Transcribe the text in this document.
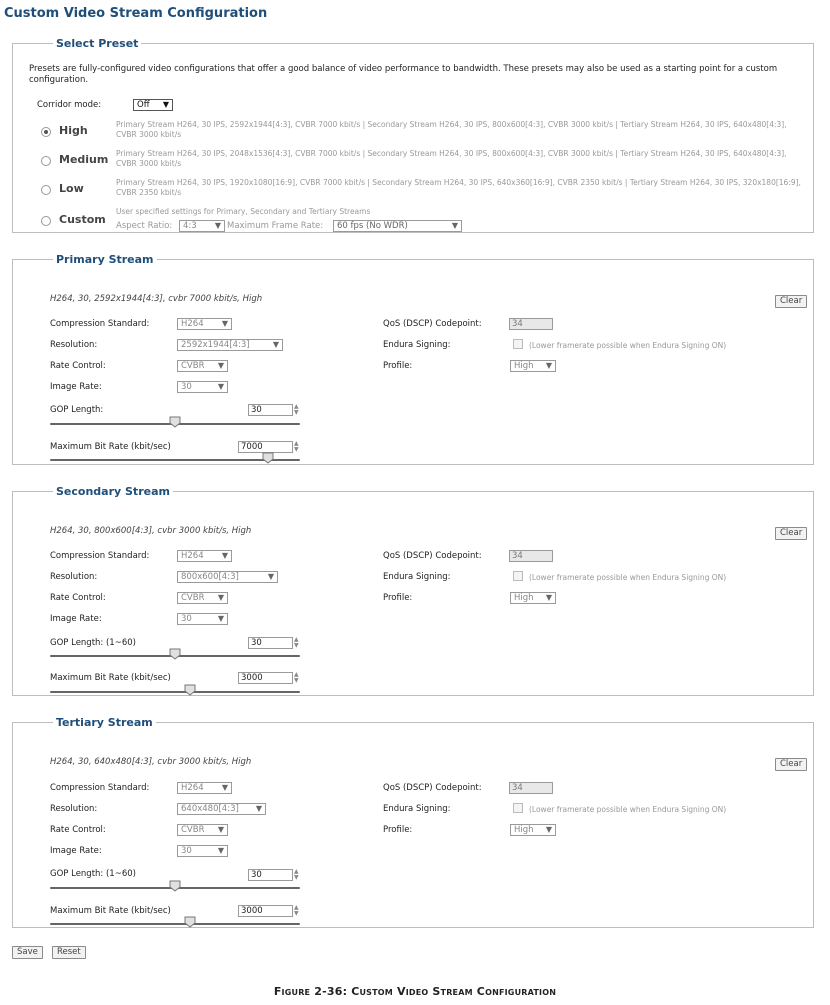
Custom Video Stream Configuration
Select Preset
Presets are fully-configured video configurations that offer a good balance of video performance to bandwidth. These presets may also be used as a starting point for a custom configuration.
Corridor mode:	Off ▼
High	Primary Stream H264, 30 IPS, 2592x1944[4:3], CVBR 7000 kbit/s | Secondary Stream H264, 30 IPS, 800x600[4:3], CVBR 3000 kbit/s | Tertiary Stream H264, 30 IPS, 640x480[4:3], CVBR 3000 kbit/s
Medium Primary Stream H264, 30 IPS, 2048x1536[4:3], CVBR 7000 kbit/s | Secondary Stream H264, 30 IPS, 800x600[4:3], CVBR 3000 kbit/s | Tertiary Stream H264, 30 IPS, 640x480[4:3], CVBR 3000 kbit/s
Low	Primary Stream H264, 30 IPS, 1920x1080[16:9], CVBR 7000 kbit/s | Secondary Stream H264, 30 IPS, 640x360[16:9], CVBR 2350 kbit/s | Tertiary Stream H264, 30 IPS, 320x180[16:9], CVBR 2350 kbit/s
Custom
User specified settings for Primary, Secondary and Tertiary Streams
Aspect Ratio:	4:3 ▼ Maximum Frame Rate:	60 fps (No WDR)	▼
Primary Stream
H264, 30, 2592x1944[4:3], cvbr 7000 kbit/s, High	Clear
Compression Standard:	H264 ▼
Resolution:	2592x1944[4:3]	▼
Rate Control:	CVBR ▼
Image Rate:	30	▼
QoS (DSCP) Codepoint:	34
Endura Signing:	(Lower framerate possible when Endura Signing ON)
Profile:	High ▼
GOP Length:	30	▲
▼
Maximum Bit Rate (kbit/sec)	7000	▲
▼
Secondary Stream
H264, 30, 800x600[4:3], cvbr 3000 kbit/s, High	Clear
Compression Standard:	H264 ▼
Resolution:	800x600[4:3]	▼
Rate Control:	CVBR ▼
Image Rate:	30	▼
QoS (DSCP) Codepoint:	34
Endura Signing:	(Lower framerate possible when Endura Signing ON)
Profile:	High ▼
GOP Length: (1~60)	30	▲
▼
Maximum Bit Rate (kbit/sec)	3000	▲
▼
Tertiary Stream
H264, 30, 640x480[4:3], cvbr 3000 kbit/s, High	Clear
Compression Standard:	H264 ▼
Resolution:	640x480[4:3] ▼
Rate Control:	CVBR ▼
Image Rate:	30	▼
QoS (DSCP) Codepoint:	34
Endura Signing:	(Lower framerate possible when Endura Signing ON)
Profile:	High ▼
GOP Length: (1~60)	30	▲
▼
Maximum Bit Rate (kbit/sec)	3000	▲
▼
Save	Reset
Figure 2-36: Custom Video Stream Configuration
